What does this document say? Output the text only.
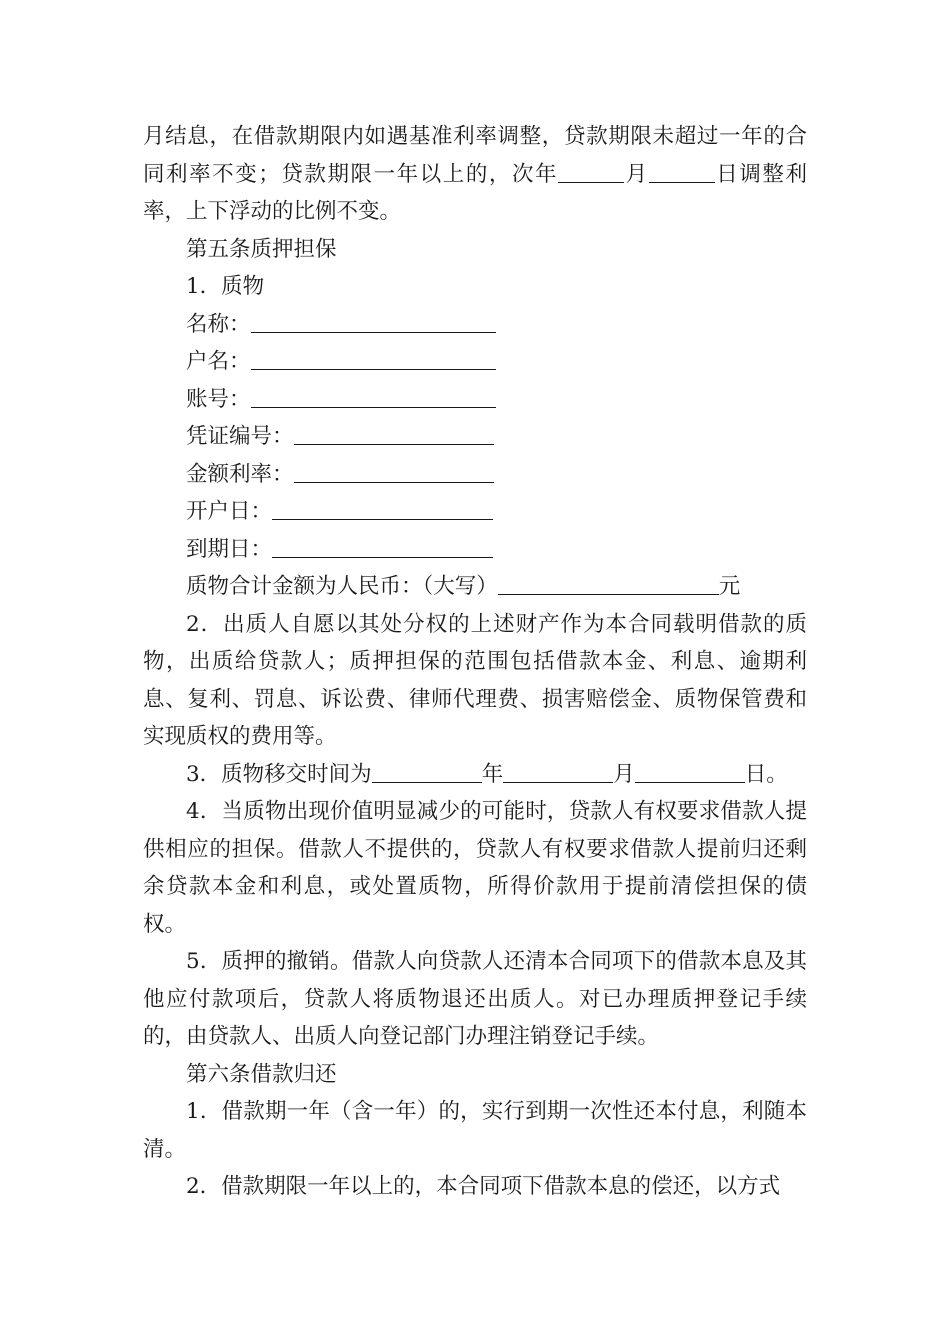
月结息，在借款期限内如遇基准利率调整，贷款期限未超过一年的合同利率不变；贷款期限一年以上的，次年	月	日调整利率，上下浮动的比例不变。

第五条质押担保

1．质物

名称：

户名：

账号：

凭证编号：

金额利率：

开户日：

到期日：

质物合计金额为人民币：（大写）	元

2．出质人自愿以其处分权的上述财产作为本合同载明借款的质物，出质给贷款人；质押担保的范围包括借款本金、利息、逾期利息、复利、罚息、诉讼费、律师代理费、损害赔偿金、质物保管费和实现质权的费用等。

3．质物移交时间为	年	月	日。

4．当质物出现价值明显减少的可能时，贷款人有权要求借款人提供相应的担保。借款人不提供的，贷款人有权要求借款人提前归还剩余贷款本金和利息，或处置质物，所得价款用于提前清偿担保的债权。

5．质押的撤销。借款人向贷款人还清本合同项下的借款本息及其他应付款项后，贷款人将质物退还出质人。对已办理质押登记手续的，由贷款人、出质人向登记部门办理注销登记手续。

第六条借款归还

1．借款期一年（含一年）的，实行到期一次性还本付息，利随本清。

2．借款期限一年以上的，本合同项下借款本息的偿还，以方式
